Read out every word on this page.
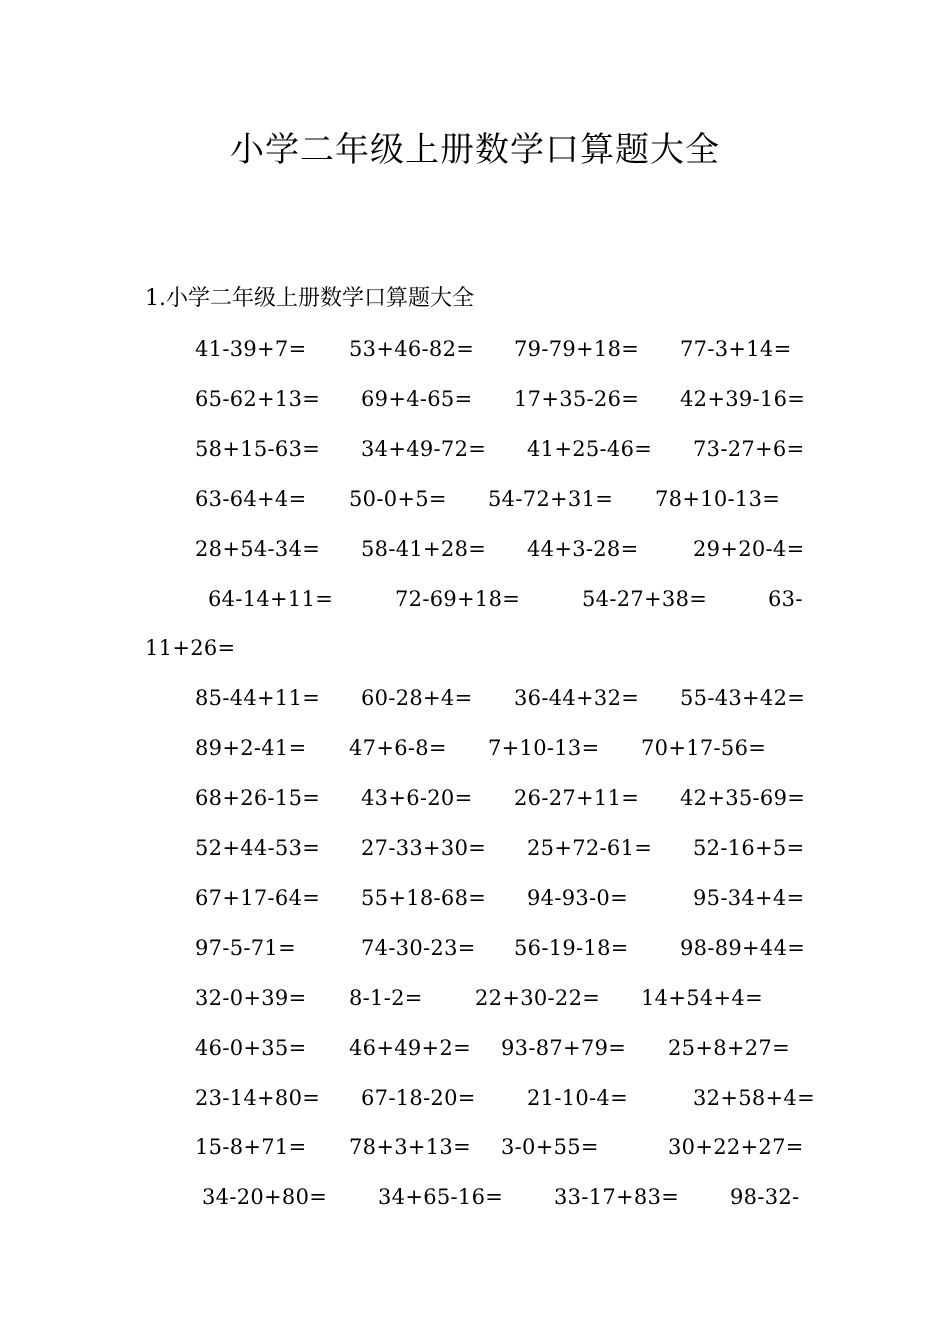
小学二年级上册数学口算题大全
1.小学二年级上册数学口算题大全
41-39+7= 53+46-82= 79-79+18= 77-3+14=
65-62+13= 69+4-65= 17+35-26= 42+39-16=
58+15-63= 34+49-72= 41+25-46= 73-27+6=
63-64+4= 50-0+5= 54-72+31= 78+10-13=
28+54-34= 58-41+28= 44+3-28=	29+20-4=
64-14+11=	72-69+18=	54-27+38=	63-
11+26=
85-44+11= 60-28+4= 36-44+32= 55-43+42=
89+2-41= 47+6-8= 7+10-13= 70+17-56=
68+26-15= 43+6-20= 26-27+11= 42+35-69=
52+44-53= 27-33+30= 25+72-61= 52-16+5=
67+17-64= 55+18-68= 94-93-0=	95-34+4=
97-5-71=	74-30-23= 56-19-18= 98-89+44=
32-0+39= 8-1-2= 22+30-22= 14+54+4=
46-0+35= 46+49+2= 93-87+79= 25+8+27=
23-14+80= 67-18-20= 21-10-4=	32+58+4=
15-8+71= 78+3+13= 3-0+55=	30+22+27=
34-20+80= 34+65-16= 33-17+83= 98-32-
